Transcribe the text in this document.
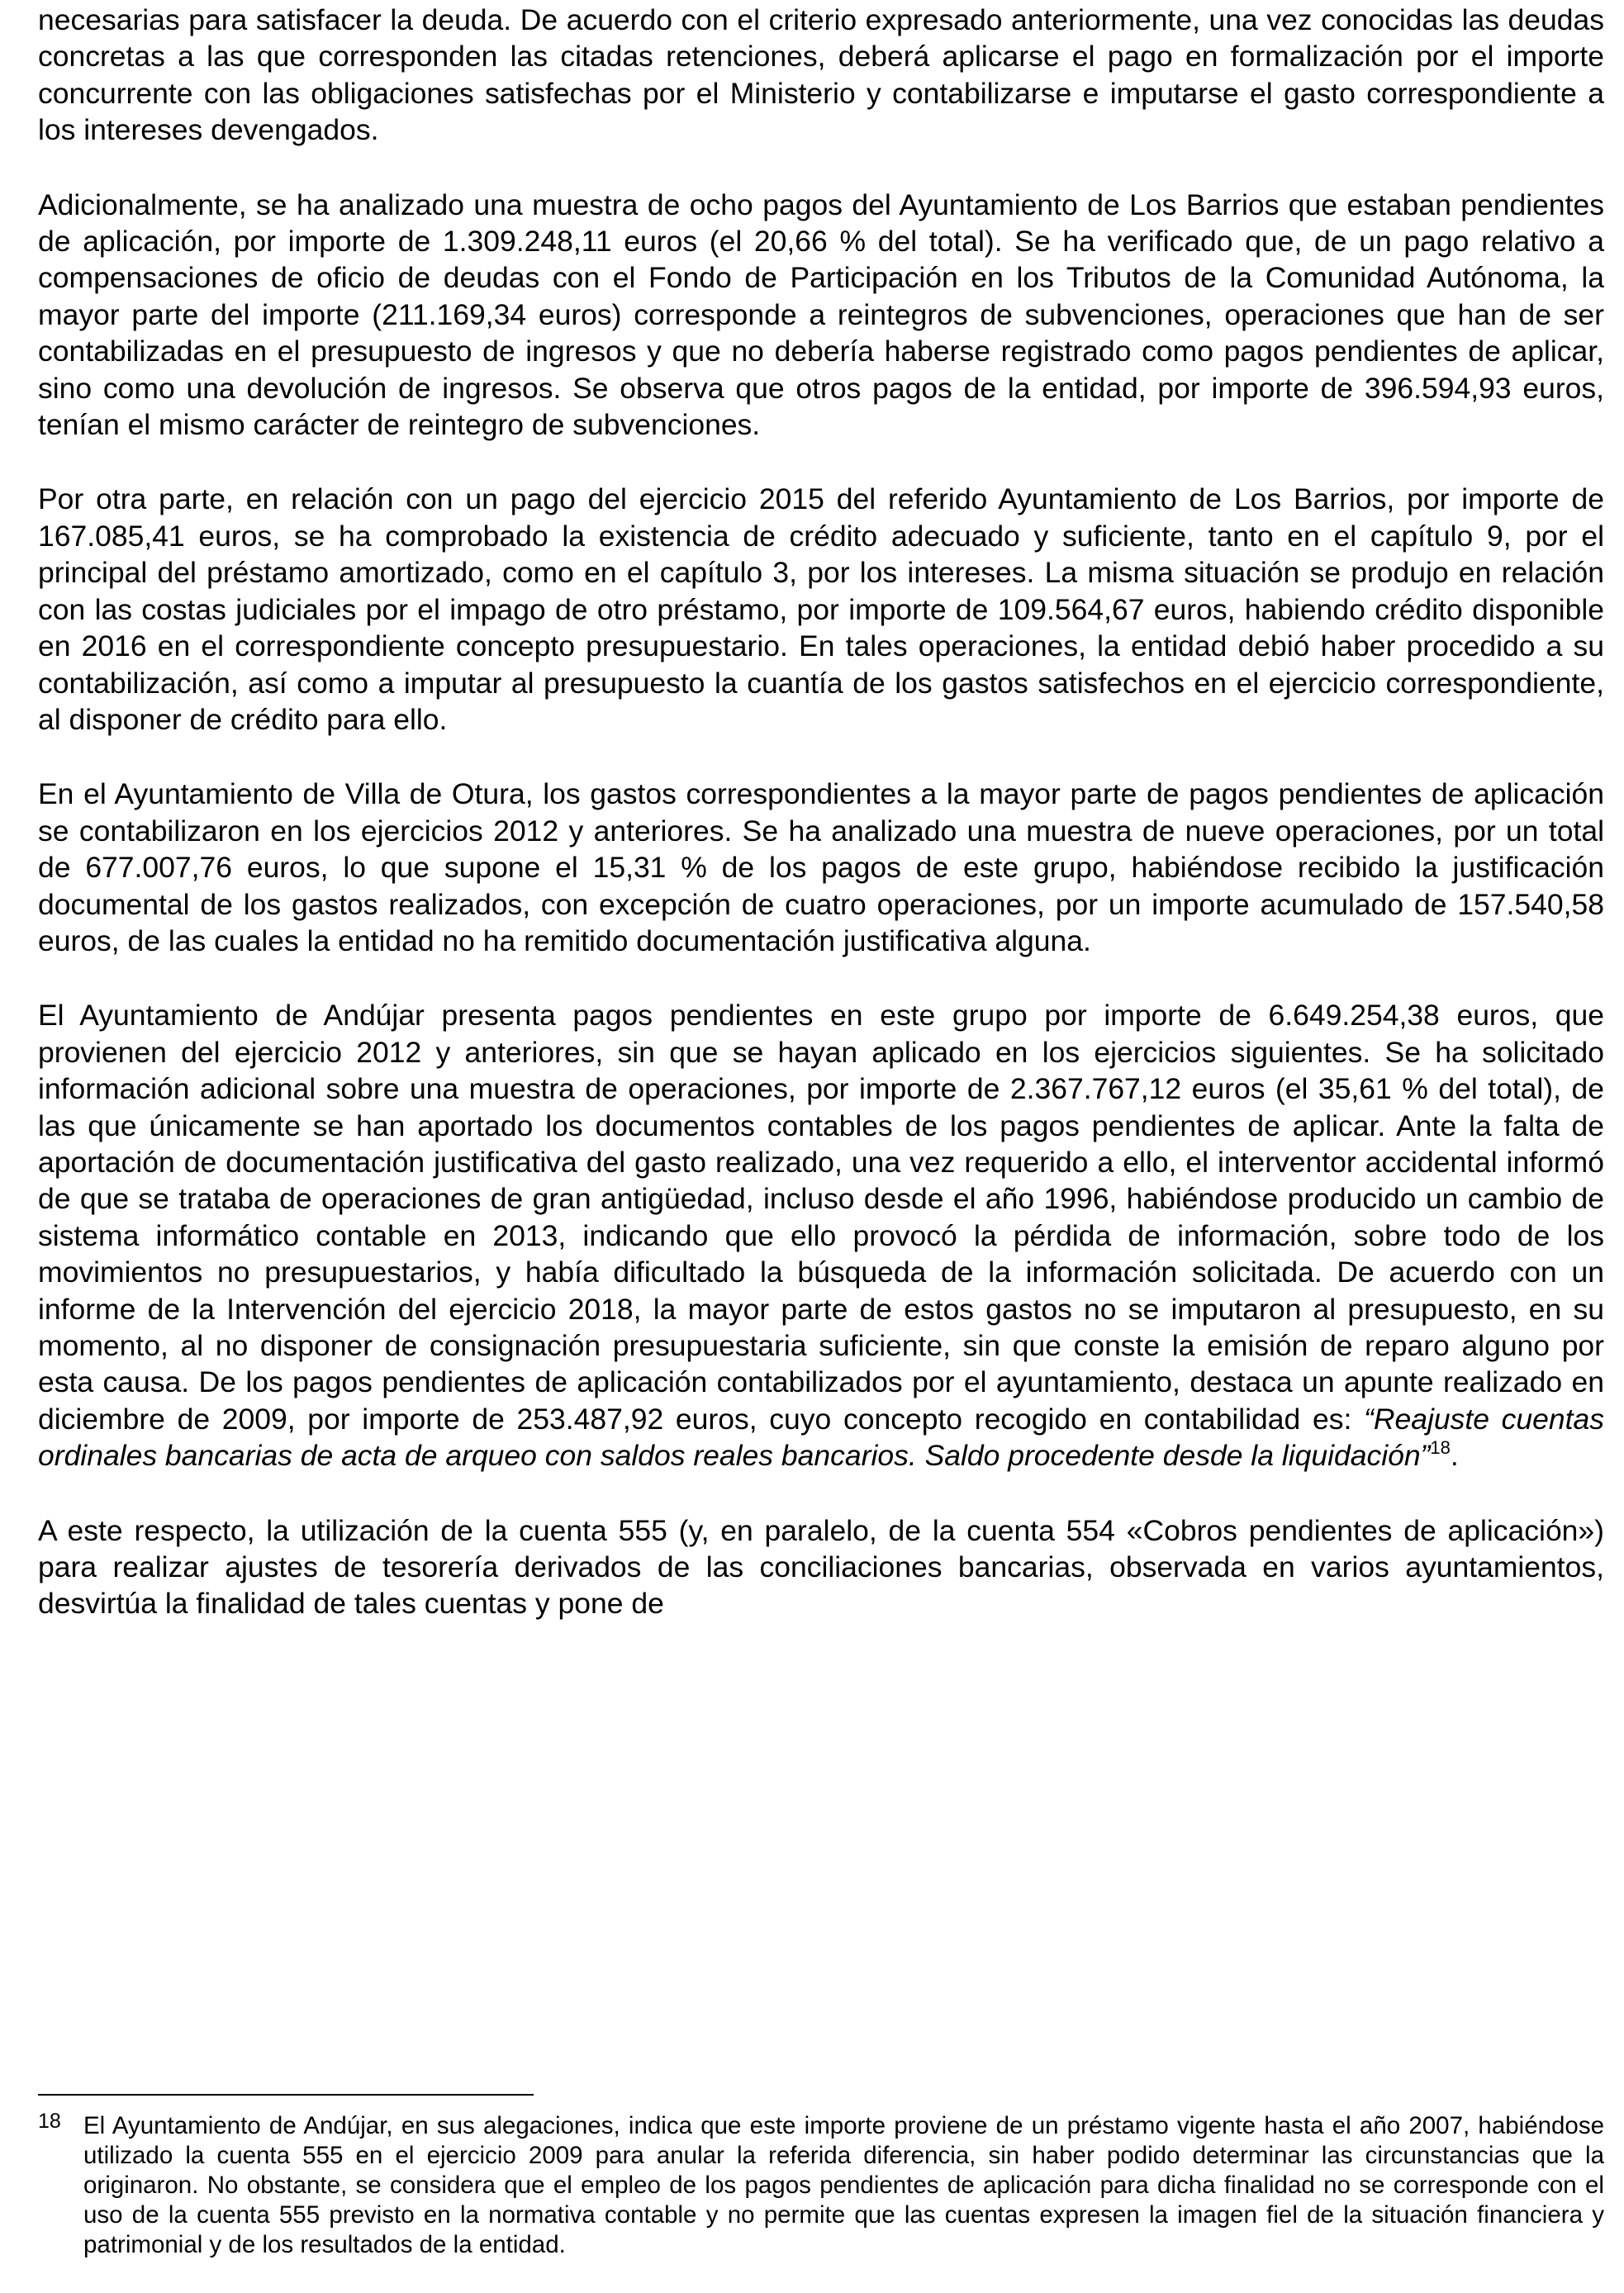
necesarias para satisfacer la deuda. De acuerdo con el criterio expresado anteriormente, una vez conocidas las deudas concretas a las que corresponden las citadas retenciones, deberá aplicarse el pago en formalización por el importe concurrente con las obligaciones satisfechas por el Ministerio y contabilizarse e imputarse el gasto correspondiente a los intereses devengados.

Adicionalmente, se ha analizado una muestra de ocho pagos del Ayuntamiento de Los Barrios que estaban pendientes de aplicación, por importe de 1.309.248,11 euros (el 20,66 % del total). Se ha verificado que, de un pago relativo a compensaciones de oficio de deudas con el Fondo de Participación en los Tributos de la Comunidad Autónoma, la mayor parte del importe (211.169,34 euros) corresponde a reintegros de subvenciones, operaciones que han de ser contabilizadas en el presupuesto de ingresos y que no debería haberse registrado como pagos pendientes de aplicar, sino como una devolución de ingresos. Se observa que otros pagos de la entidad, por importe de 396.594,93 euros, tenían el mismo carácter de reintegro de subvenciones.

Por otra parte, en relación con un pago del ejercicio 2015 del referido Ayuntamiento de Los Barrios, por importe de 167.085,41 euros, se ha comprobado la existencia de crédito adecuado y suficiente, tanto en el capítulo 9, por el principal del préstamo amortizado, como en el capítulo 3, por los intereses. La misma situación se produjo en relación con las costas judiciales por el impago de otro préstamo, por importe de 109.564,67 euros, habiendo crédito disponible en 2016 en el correspondiente concepto presupuestario. En tales operaciones, la entidad debió haber procedido a su contabilización, así como a imputar al presupuesto la cuantía de los gastos satisfechos en el ejercicio correspondiente, al disponer de crédito para ello.

En el Ayuntamiento de Villa de Otura, los gastos correspondientes a la mayor parte de pagos pendientes de aplicación se contabilizaron en los ejercicios 2012 y anteriores. Se ha analizado una muestra de nueve operaciones, por un total de 677.007,76 euros, lo que supone el 15,31 % de los pagos de este grupo, habiéndose recibido la justificación documental de los gastos realizados, con excepción de cuatro operaciones, por un importe acumulado de 157.540,58 euros, de las cuales la entidad no ha remitido documentación justificativa alguna.

El Ayuntamiento de Andújar presenta pagos pendientes en este grupo por importe de 6.649.254,38 euros, que provienen del ejercicio 2012 y anteriores, sin que se hayan aplicado en los ejercicios siguientes. Se ha solicitado información adicional sobre una muestra de operaciones, por importe de 2.367.767,12 euros (el 35,61 % del total), de las que únicamente se han aportado los documentos contables de los pagos pendientes de aplicar. Ante la falta de aportación de documentación justificativa del gasto realizado, una vez requerido a ello, el interventor accidental informó de que se trataba de operaciones de gran antigüedad, incluso desde el año 1996, habiéndose producido un cambio de sistema informático contable en 2013, indicando que ello provocó la pérdida de información, sobre todo de los movimientos no presupuestarios, y había dificultado la búsqueda de la información solicitada. De acuerdo con un informe de la Intervención del ejercicio 2018, la mayor parte de estos gastos no se imputaron al presupuesto, en su momento, al no disponer de consignación presupuestaria suficiente, sin que conste la emisión de reparo alguno por esta causa. De los pagos pendientes de aplicación contabilizados por el ayuntamiento, destaca un apunte realizado en diciembre de 2009, por importe de 253.487,92 euros, cuyo concepto recogido en contabilidad es: “Reajuste cuentas ordinales bancarias de acta de arqueo con saldos reales bancarios. Saldo procedente desde la liquidación”$^{18}$.

A este respecto, la utilización de la cuenta 555 (y, en paralelo, de la cuenta 554 «Cobros pendientes de aplicación») para realizar ajustes de tesorería derivados de las conciliaciones bancarias, observada en varios ayuntamientos, desvirtúa la finalidad de tales cuentas y pone de

18 El Ayuntamiento de Andújar, en sus alegaciones, indica que este importe proviene de un préstamo vigente hasta el año 2007, habiéndose utilizado la cuenta 555 en el ejercicio 2009 para anular la referida diferencia, sin haber podido determinar las circunstancias que la originaron. No obstante, se considera que el empleo de los pagos pendientes de aplicación para dicha finalidad no se corresponde con el uso de la cuenta 555 previsto en la normativa contable y no permite que las cuentas expresen la imagen fiel de la situación financiera y patrimonial y de los resultados de la entidad.
